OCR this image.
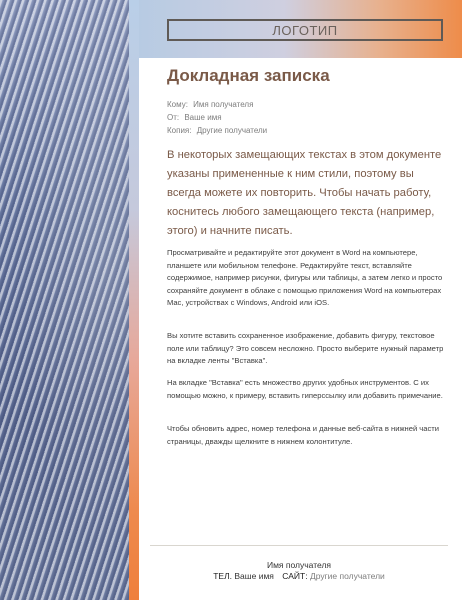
ЛОГОТИП
Докладная записка
Кому: Имя получателя
От: Ваше имя
Копия: Другие получатели
В некоторых замещающих текстах в этом документе указаны примененные к ним стили, поэтому вы всегда можете их повторить. Чтобы начать работу, коснитесь любого замещающего текста (например, этого) и начните писать.

Просматривайте и редактируйте этот документ в Word на компьютере, планшете или мобильном телефоне. Редактируйте текст, вставляйте содержимое, например рисунки, фигуры или таблицы, а затем легко и просто сохраняйте документ в облаке с помощью приложения Word на компьютерах Mac, устройствах с Windows, Android или iOS.

Вы хотите вставить сохраненное изображение, добавить фигуру, текстовое поле или таблицу? Это совсем несложно. Просто выберите нужный параметр на вкладке ленты "Вставка".

На вкладке "Вставка" есть множество других удобных инструментов. С их помощью можно, к примеру, вставить гиперссылку или добавить примечание.

Чтобы обновить адрес, номер телефона и данные веб-сайта в нижней части страницы, дважды щелкните в нижнем колонтитуле.

Имя получателя
ТЕЛ. Ваше имя САЙТ: Другие получатели
